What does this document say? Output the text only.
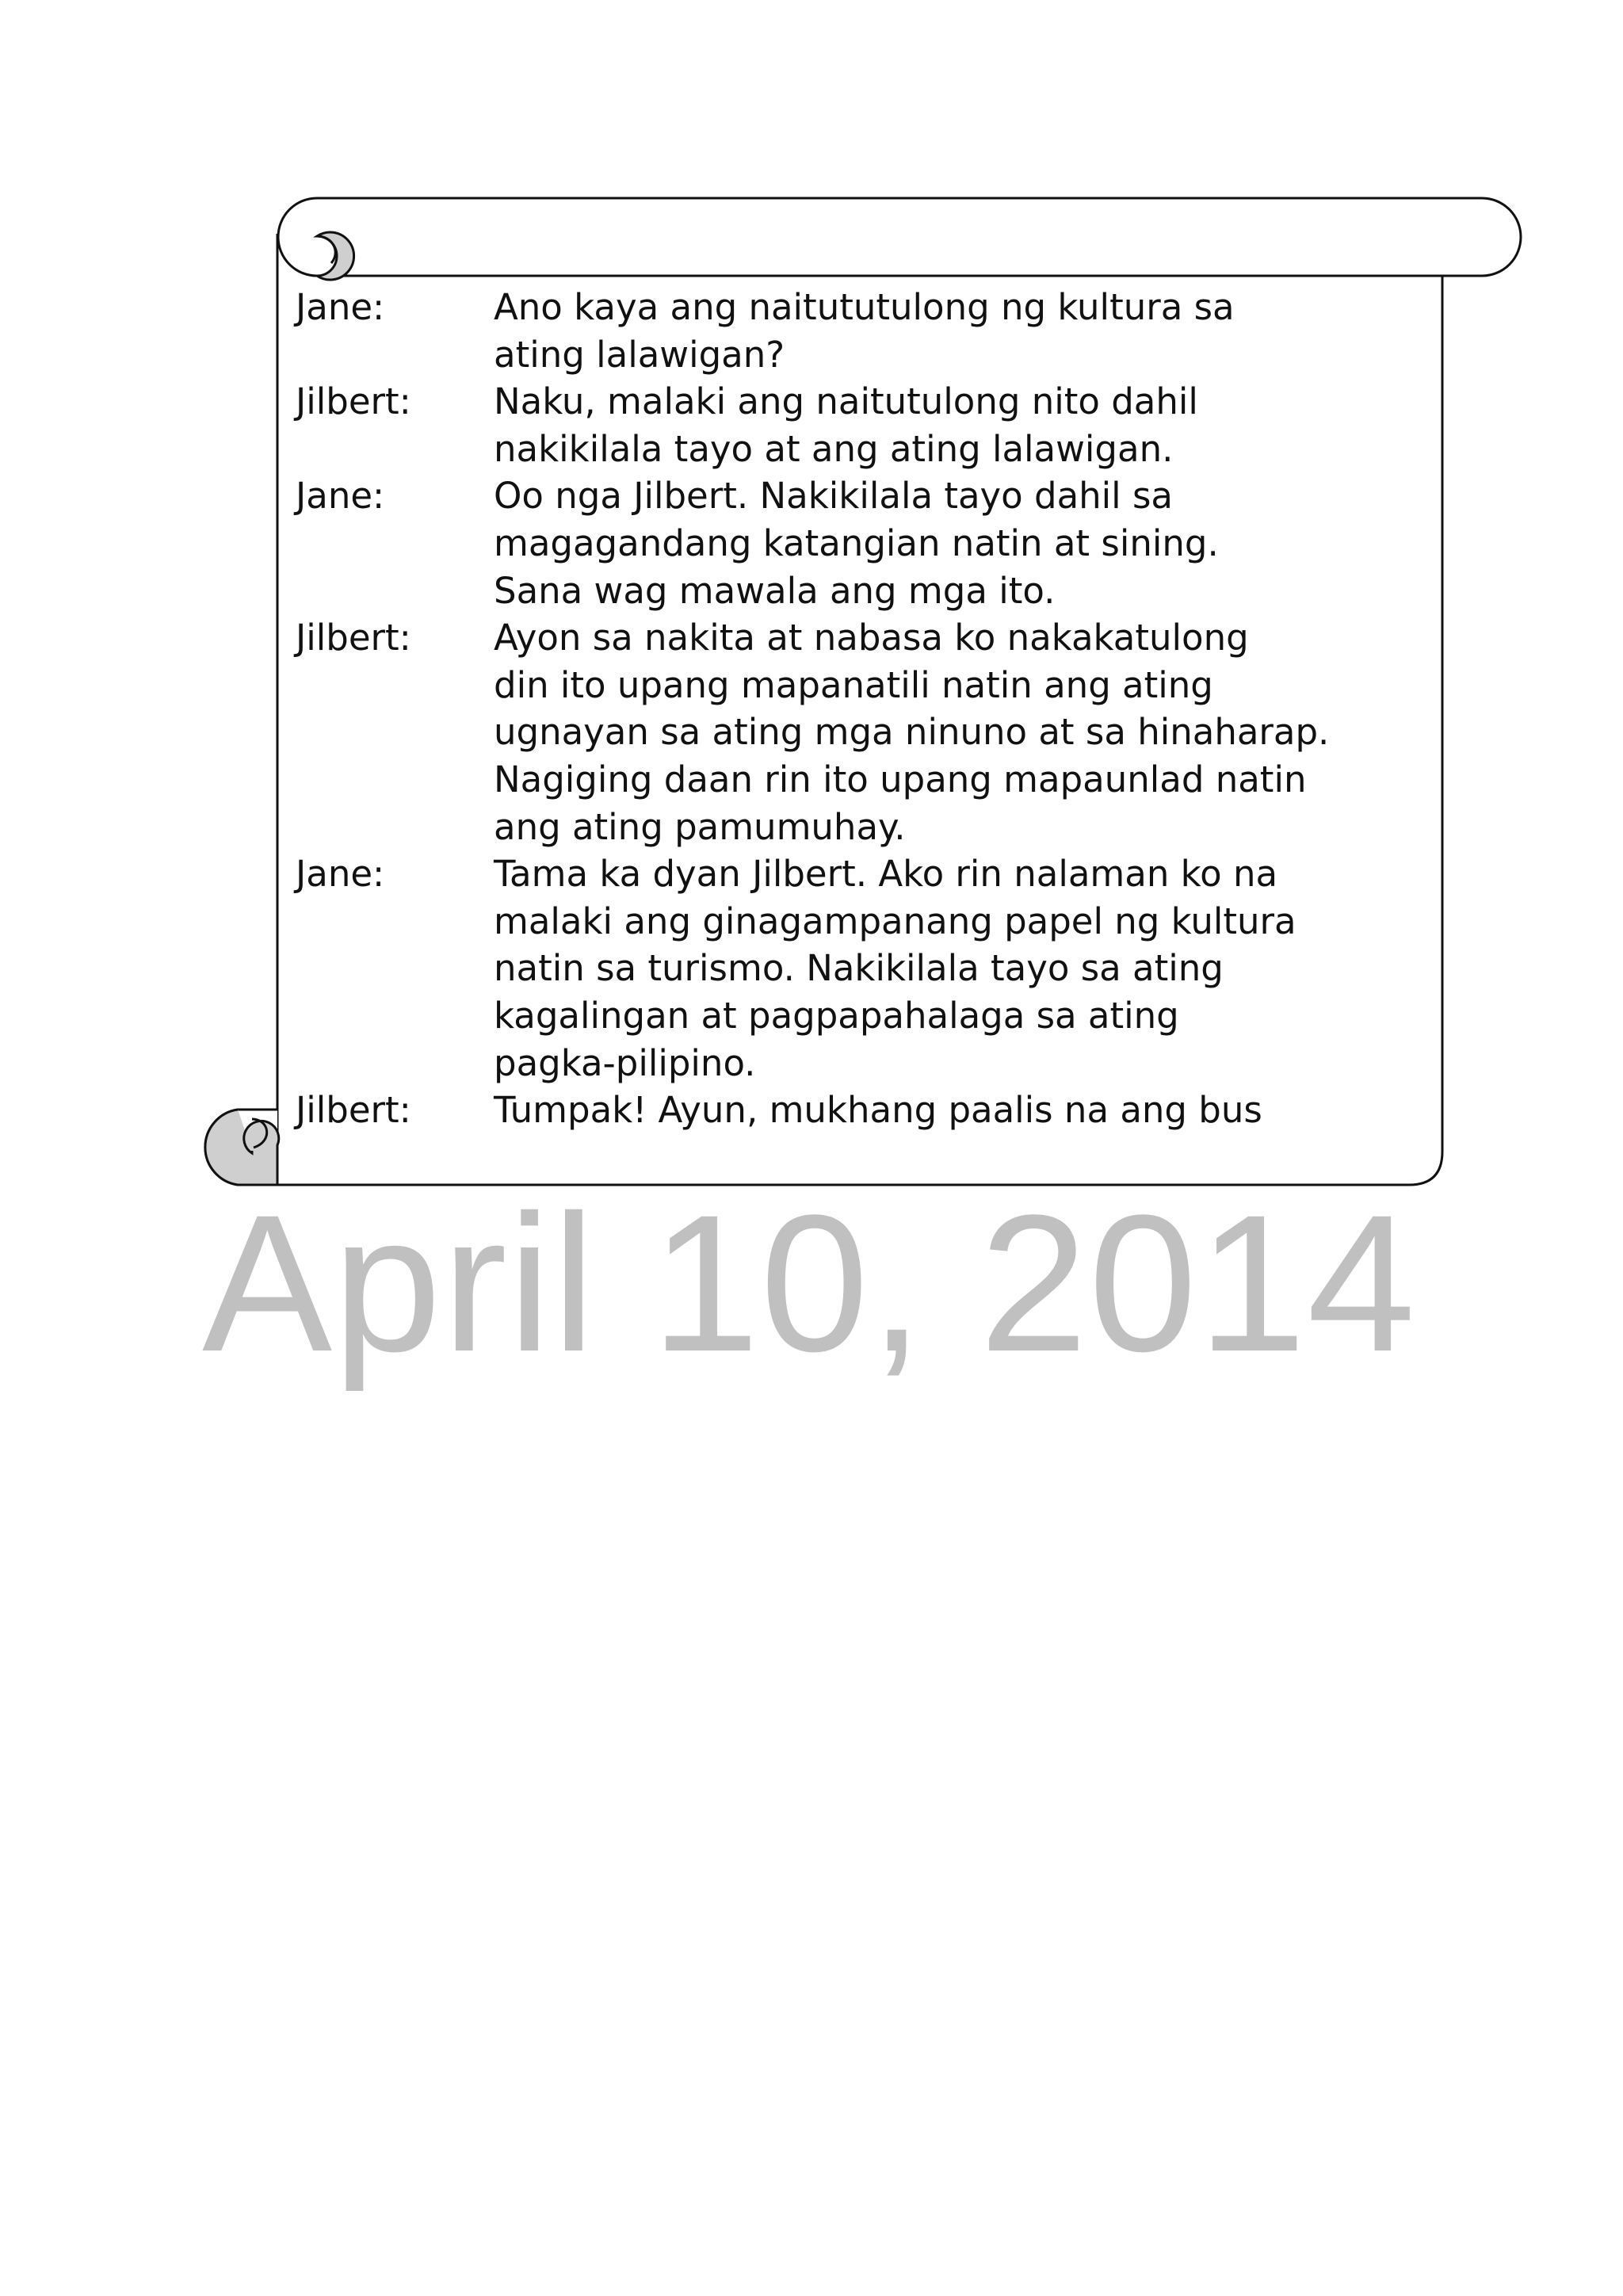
Jane:	Ano kaya ang naitututulong ng kultura sa
ating lalawigan?
Jilbert:	Naku, malaki ang naitutulong nito dahil
nakikilala tayo at ang ating lalawigan.
Jane:	Oo nga Jilbert. Nakikilala tayo dahil sa
magagandang katangian natin at sining.
Sana wag mawala ang mga ito.
Jilbert:	Ayon sa nakita at nabasa ko nakakatulong
din ito upang mapanatili natin ang ating
ugnayan sa ating mga ninuno at sa hinaharap.
Nagiging daan rin ito upang mapaunlad natin
ang ating pamumuhay.
Jane:	Tama ka dyan Jilbert. Ako rin nalaman ko na
malaki ang ginagampanang papel ng kultura
natin sa turismo. Nakikilala tayo sa ating
kagalingan at pagpapahalaga sa ating
pagka-pilipino.
Jilbert:	Tumpak! Ayun, mukhang paalis na ang bus

April 10, 2014
